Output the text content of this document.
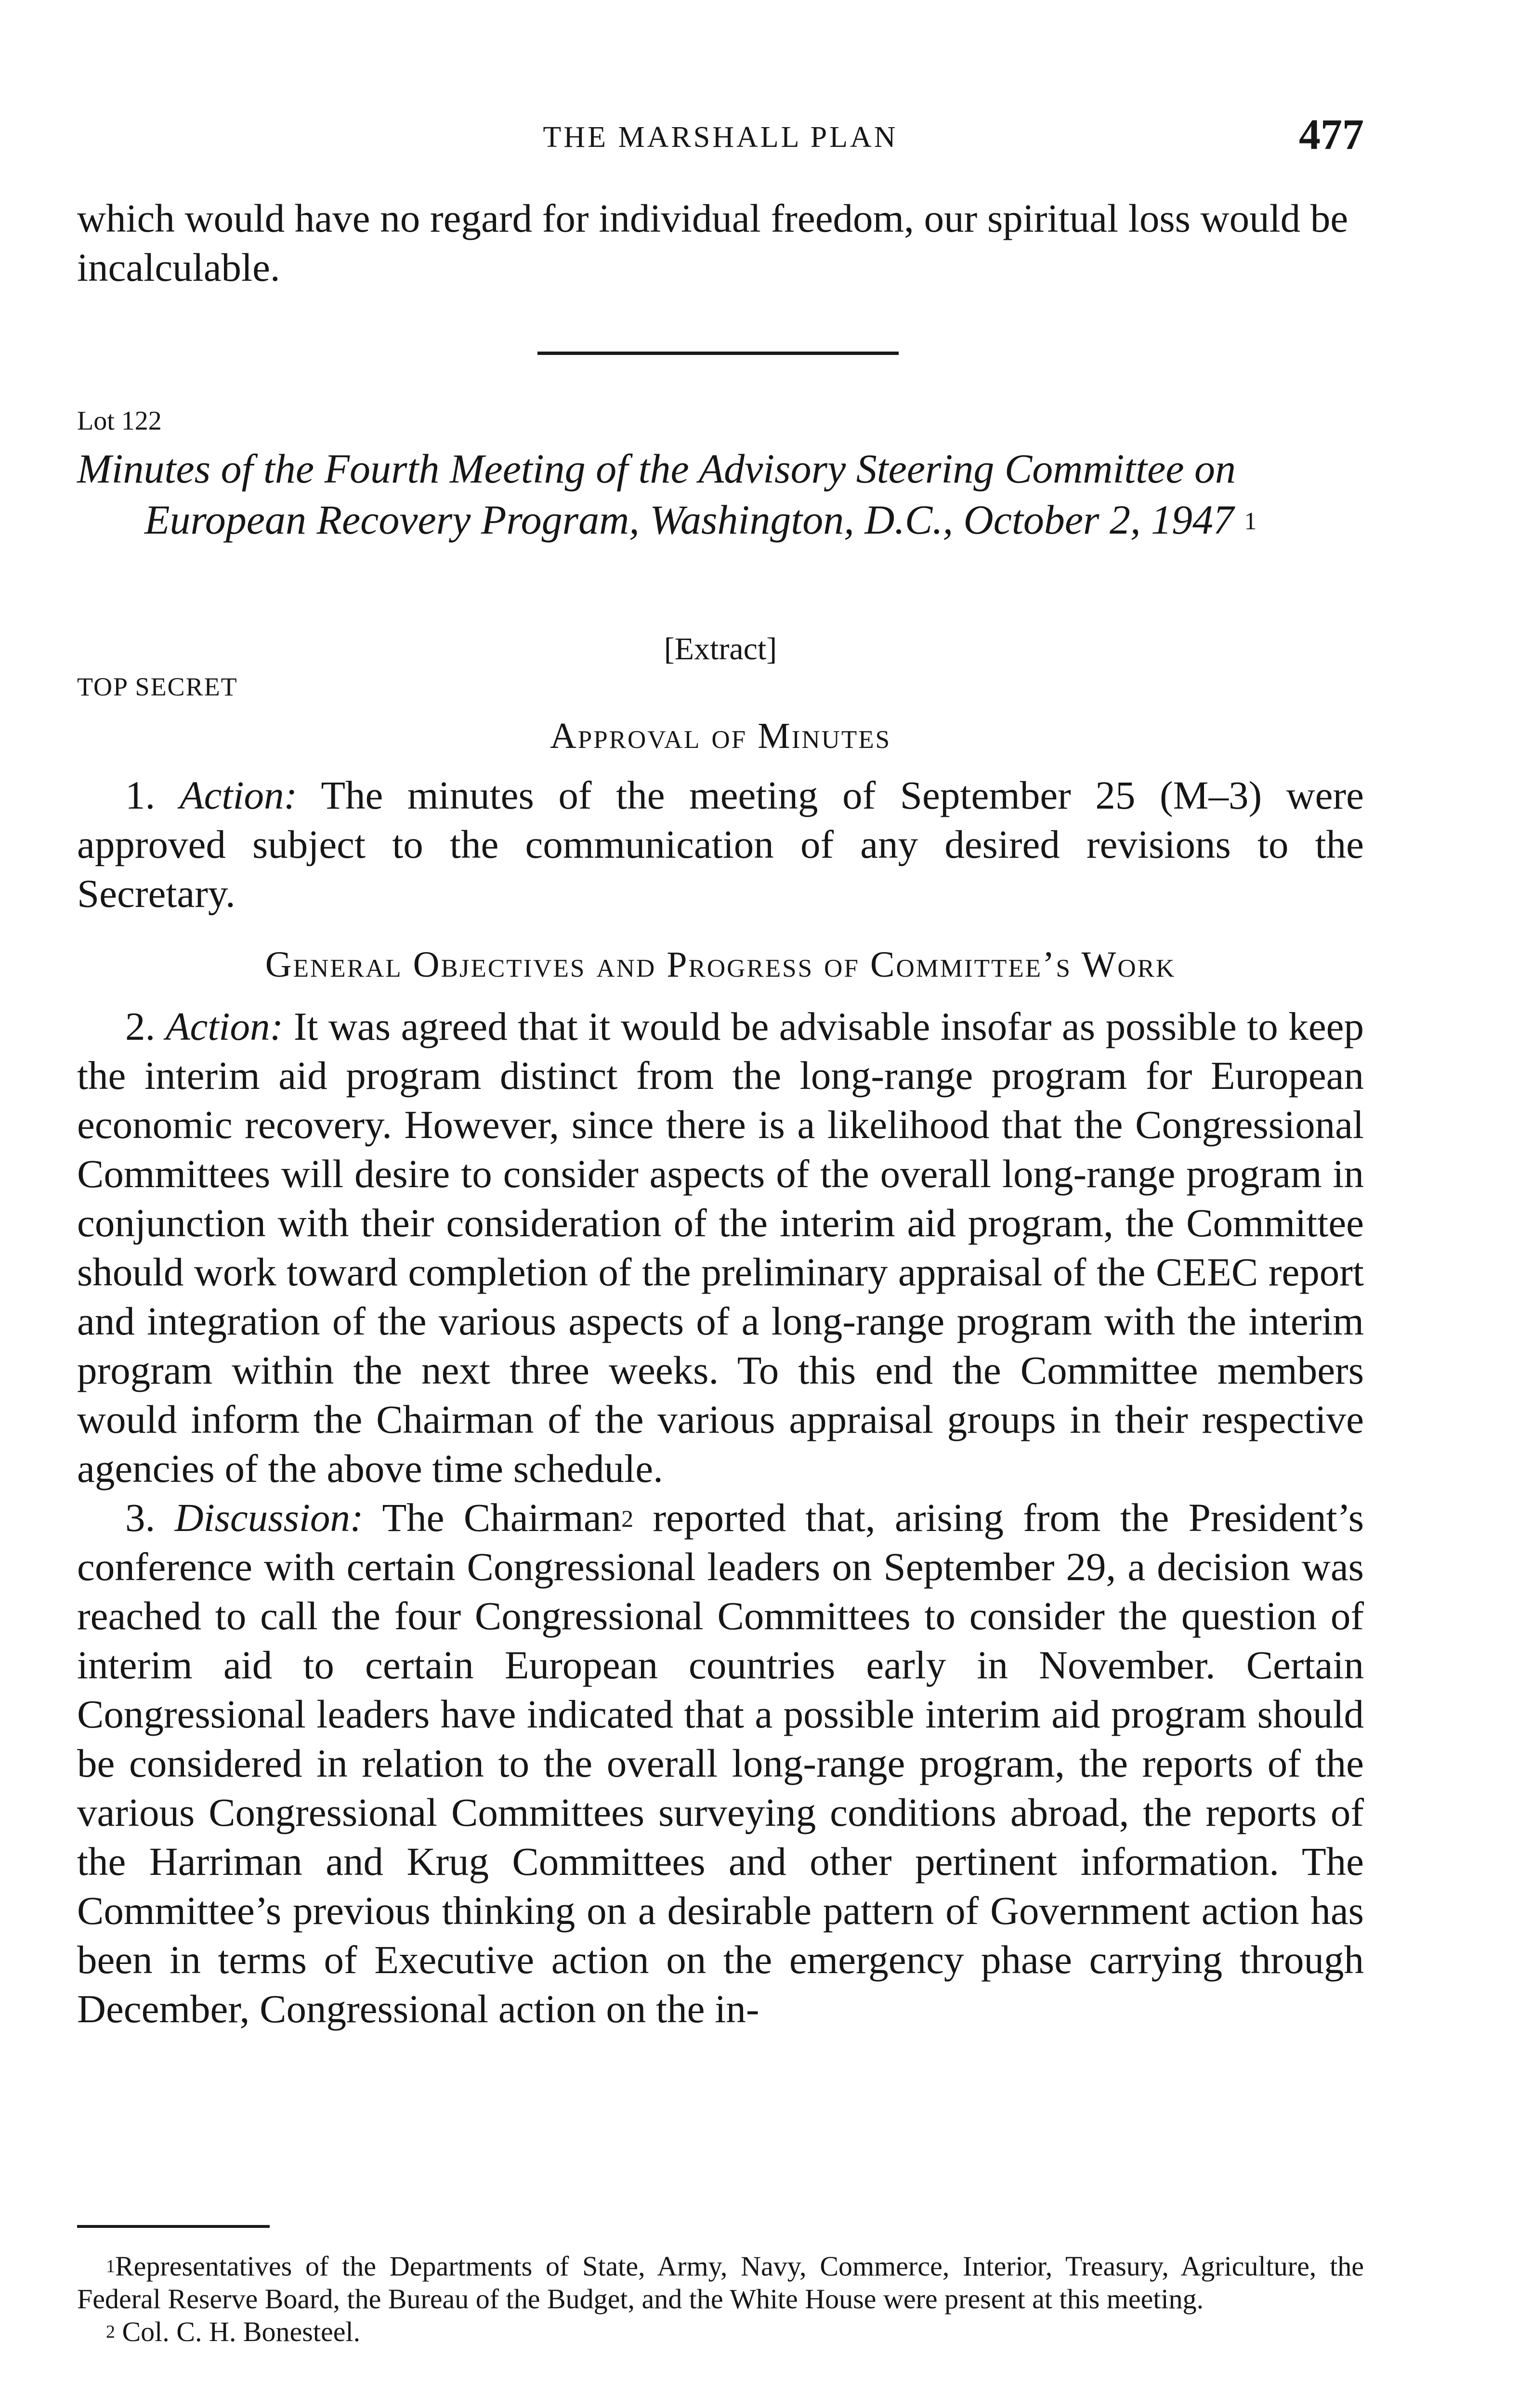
THE MARSHALL PLAN	477

which would have no regard for individual freedom, our spiritual loss would be incalculable.

Lot 122
Minutes of the Fourth Meeting of the Advisory Steering Committee on
European Recovery Program, Washington, D.C., October 2, 1947 $^1$
[Extract]
TOP SECRET
Approval of Minutes

1. Action: The minutes of the meeting of September 25 (M–3) were approved subject to the communication of any desired revisions to the Secretary.

General Objectives and Progress of Committee’s Work

2. Action: It was agreed that it would be advisable insofar as possible to keep the interim aid program distinct from the long-range program for European economic recovery. However, since there is a likelihood that the Congressional Committees will desire to consider aspects of the overall long-range program in conjunction with their consideration of the interim aid program, the Committee should work toward completion of the preliminary appraisal of the CEEC report and integration of the various aspects of a long-range program with the interim program within the next three weeks. To this end the Committee members would inform the Chairman of the various appraisal groups in their respective agencies of the above time schedule.

3. Discussion: The Chairman$^2$ reported that, arising from the President’s conference with certain Congressional leaders on September 29, a decision was reached to call the four Congressional Committees to consider the question of interim aid to certain European countries early in November. Certain Congressional leaders have indicated that a possible interim aid program should be considered in relation to the overall long-range program, the reports of the various Congressional Committees surveying conditions abroad, the reports of the Harriman and Krug Committees and other pertinent information. The Committee’s previous thinking on a desirable pattern of Government action has been in terms of Executive action on the emergency phase carrying through December, Congressional action on the in-

$^1$Representatives of the Departments of State, Army, Navy, Commerce, Interior, Treasury, Agriculture, the Federal Reserve Board, the Bureau of the Budget, and the White House were present at this meeting.

$^2$ Col. C. H. Bonesteel.
